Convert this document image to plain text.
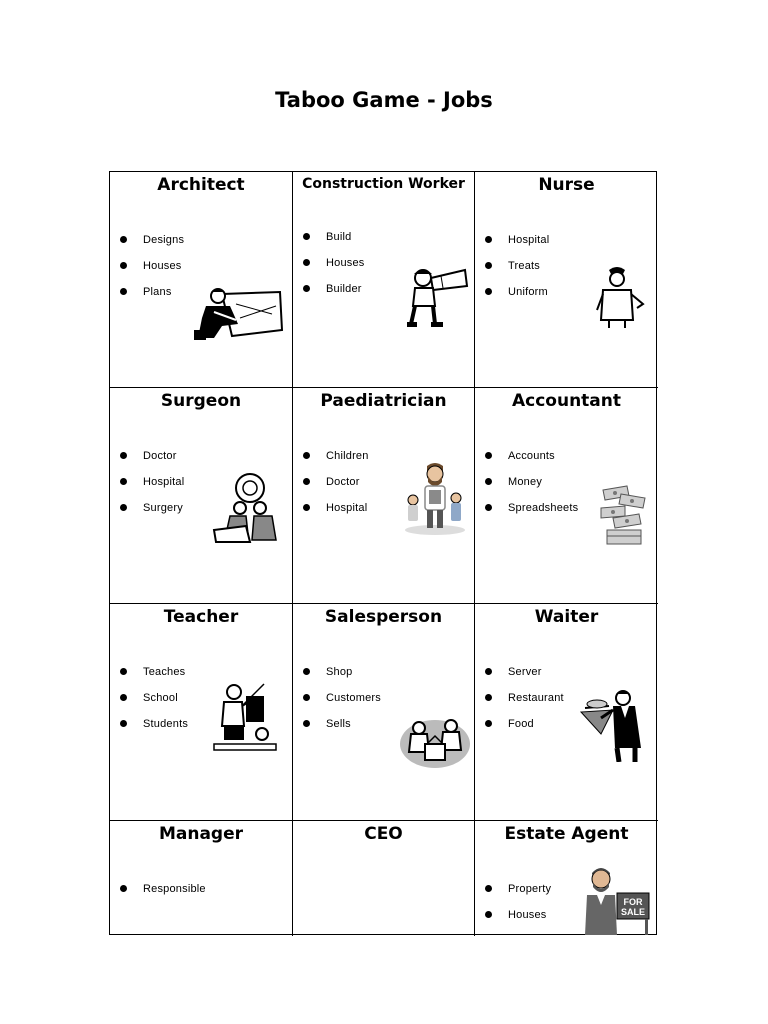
Taboo Game - Jobs
Architect
Designs
Houses
Plans
Construction Worker
Build
Houses
Builder
Nurse
Hospital
Treats
Uniform
Surgeon
Doctor
Hospital
Surgery
Paediatrician
Children
Doctor
Hospital
Accountant
Accounts
Money
Spreadsheets
Teacher
Teaches
School
Students
Salesperson
Shop
Customers
Sells
Waiter
Server
Restaurant
Food
Manager
Responsible
CEO	Estate Agent
Property
Houses
FOR
SALE
